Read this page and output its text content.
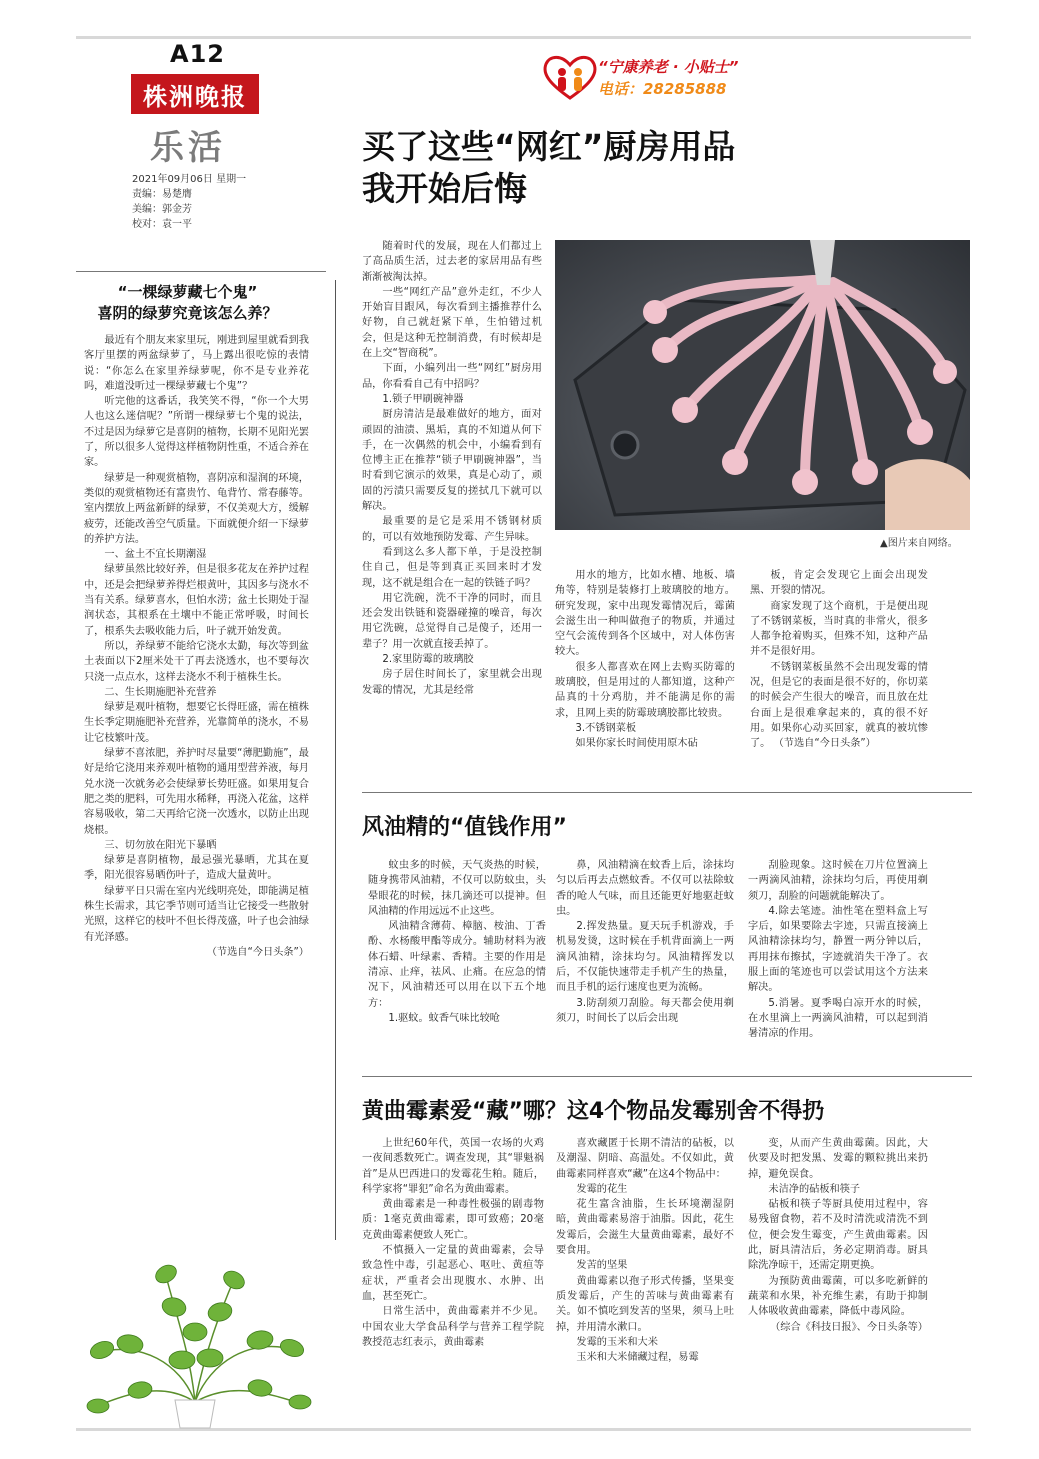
A12
株洲晚报
乐活
2021年09月06日 星期一
责编：易楚膺
美编：郭金芳
校对：袁一平
“宁康养老 · 小贴士”
电话：28285888
买了这些“网红”厨房用品
我开始后悔
“一棵绿萝藏七个鬼”
喜阴的绿萝究竟该怎么养？

最近有个朋友来家里玩，刚进到屋里就看到我客厅里摆的两盆绿萝了，马上露出很吃惊的表情说：“你怎么在家里养绿萝呢，你不是专业养花吗，难道没听过一棵绿萝藏七个鬼”？

听完他的这番话，我笑笑不得，“你一个大男人也这么迷信呢？”所谓一棵绿萝七个鬼的说法，不过是因为绿萝它是喜阴的植物，长期不见阳光罢了，所以很多人觉得这样植物阴性重，不适合养在家。

绿萝是一种观赏植物，喜阴凉和湿润的环境，类似的观赏植物还有富贵竹、龟背竹、常春藤等。室内摆放上两盆新鲜的绿萝，不仅美观大方，缓解疲劳，还能改善空气质量。下面就便介绍一下绿萝的养护方法。

一、盆土不宜长期潮湿

绿萝虽然比较好养，但是很多花友在养护过程中，还是会把绿萝养得烂根黄叶，其因多与浇水不当有关系。绿萝喜水，但怕水涝；盆土长期处于湿润状态，其根系在土壤中不能正常呼吸，时间长了，根系失去吸收能力后，叶子就开始发黄。

所以，养绿萝不能给它浇水太勤，每次等到盆土表面以下2厘米处干了再去浇透水，也不要每次只浇一点点水，这样去浇水不利于植株生长。

二、生长期施肥补充营养

绿萝是观叶植物，想要它长得旺盛，需在植株生长季定期施肥补充营养，光靠简单的浇水，不易让它枝繁叶茂。

绿萝不喜浓肥，养护时尽量要“薄肥勤施”，最好是给它浇用来养观叶植物的通用型营养液，每月兑水浇一次就务必会使绿萝长势旺盛。如果用复合肥之类的肥料，可先用水稀释，再浇入花盆，这样容易吸收，第二天再给它浇一次透水，以防止出现烧根。

三、切勿放在阳光下暴晒

绿萝是喜阴植物，最忌强光暴晒，尤其在夏季，阳光很容易晒伤叶子，造成大量黄叶。

绿萝平日只需在室内光线明亮处，即能满足植株生长需求，其它季节则可适当让它接受一些散射光照，这样它的枝叶不但长得茂盛，叶子也会油绿有光泽感。

（节选自“今日头条”）

随着时代的发展，现在人们都过上了高品质生活，过去老的家居用品有些渐渐被淘汰掉。

一些“网红产品”意外走红，不少人开始盲目跟风，每次看到主播推荐什么好物，自己就赶紧下单，生怕错过机会，但是这种无控制消费，有时候却是在上交“智商税”。

下面，小编列出一些“网红”厨房用品，你看看自己有中招吗？

1.锁子甲刷碗神器

厨房清洁是最难做好的地方，面对顽固的油渍、黑垢，真的不知道从何下手，在一次偶然的机会中，小编看到有位博主正在推荐“锁子甲刷碗神器”，当时看到它演示的效果，真是心动了，顽固的污渍只需要反复的搓拭几下就可以解决。

最重要的是它是采用不锈钢材质的，可以有效地预防发霉、产生异味。

看到这么多人都下单，于是没控制住自己，但是等到真正买回来时才发现，这不就是组合在一起的铁链子吗？

用它洗碗，洗不干净的同时，而且还会发出铁链和瓷器碰撞的噪音，每次用它洗碗，总觉得自己是傻子，还用一辈子？用一次就直接丢掉了。

2.家里防霉的玻璃胶

房子居住时间长了，家里就会出现发霉的情况，尤其是经常

▲图片来自网络。

用水的地方，比如水槽、地板、墙角等，特别是装修打上玻璃胶的地方。研究发现，家中出现发霉情况后，霉菌会滋生出一种叫做孢子的物质，并通过空气会流传到各个区域中，对人体伤害较大。

很多人都喜欢在网上去购买防霉的玻璃胶，但是用过的人都知道，这种产品真的十分鸡肋，并不能满足你的需求，且网上卖的防霉玻璃胶都比较贵。

3.不锈钢菜板

如果你家长时间使用原木砧

板，肯定会发现它上面会出现发黑、开裂的情况。

商家发现了这个商机，于是便出现了不锈钢菜板，当时真的非常火，很多人都争抢着购买，但殊不知，这种产品并不是很好用。

不锈钢菜板虽然不会出现发霉的情况，但是它的表面是很不好的，你切菜的时候会产生很大的噪音，而且放在灶台面上是很难拿起来的，真的很不好用。如果你心动买回家，就真的被坑惨了。 （节选自“今日头条”）

风油精的“值钱作用”

蚊虫多的时候，天气炎热的时候，随身携带风油精，不仅可以防蚊虫，头晕眼花的时候，抹几滴还可以提神。但风油精的作用远远不止这些。

风油精含薄荷、樟脑、桉油、丁香酚、水杨酸甲酯等成分。辅助材料为液体石蜡、叶绿素、香精。主要的作用是清凉、止痒，祛风、止痛。在应急的情况下，风油精还可以用在以下五个地方：

1.驱蚊。蚊香气味比较呛

鼻，风油精滴在蚊香上后，涂抹均匀以后再去点燃蚊香。不仅可以祛除蚊香的呛人气味，而且还能更好地驱赶蚊虫。

2.挥发热量。夏天玩手机游戏，手机易发烫，这时候在手机背面滴上一两滴风油精，涂抹均匀。风油精挥发以后，不仅能快速带走手机产生的热量，而且手机的运行速度也更为流畅。

3.防刮须刀刮脸。每天都会使用剃须刀，时间长了以后会出现

刮脸现象。这时候在刀片位置滴上一两滴风油精，涂抹均匀后，再使用剃须刀，刮脸的问题就能解决了。

4.除去笔迹。油性笔在塑料盒上写字后，如果要除去字迹，只需直接滴上风油精涂抹均匀，静置一两分钟以后，再用抹布擦拭，字迹就消失干净了。衣服上面的笔迹也可以尝试用这个方法来解决。

5.消暑。夏季喝白凉开水的时候，在水里滴上一两滴风油精，可以起到消暑清凉的作用。

黄曲霉素爱“藏”哪？这4个物品发霉别舍不得扔

上世纪60年代，英国一农场的火鸡一夜间悉数死亡。调查发现，其“罪魁祸首”是从巴西进口的发霉花生粕。随后，科学家将“罪犯”命名为黄曲霉素。

黄曲霉素是一种毒性极强的剧毒物质：1毫克黄曲霉素，即可致癌；20毫克黄曲霉素便致人死亡。

不慎摄入一定量的黄曲霉素，会导致急性中毒，引起恶心、呕吐、黄疸等症状，严重者会出现腹水、水肿、出血，甚至死亡。

日常生活中，黄曲霉素并不少见。中国农业大学食品科学与营养工程学院教授范志红表示，黄曲霉素

喜欢藏匿于长期不清洁的砧板，以及潮湿、阴暗、高温处。不仅如此，黄曲霉素同样喜欢“藏”在这4个物品中：

发霉的花生

花生富含油脂，生长环境潮湿阴暗，黄曲霉素易溶于油脂。因此，花生发霉后，会滋生大量黄曲霉素，最好不要食用。

发苦的坚果

黄曲霉素以孢子形式传播，坚果变质发霉后，产生的苦味与黄曲霉素有关。如不慎吃到发苦的坚果，须马上吐掉，并用清水漱口。

发霉的玉米和大米

玉米和大米储藏过程，易霉

变，从而产生黄曲霉菌。因此，大伙要及时把发黑、发霉的颗粒挑出来扔掉，避免误食。

未洁净的砧板和筷子

砧板和筷子等厨具使用过程中，容易残留食物，若不及时清洗或清洗不到位，便会发生霉变，产生黄曲霉素。因此，厨具清洁后，务必定期消毒。厨具除洗净晾干，还需定期更换。

为预防黄曲霉菌，可以多吃新鲜的蔬菜和水果，补充维生素，有助于抑制人体吸收黄曲霉素，降低中毒风险。

（综合《科技日报》、今日头条等）
